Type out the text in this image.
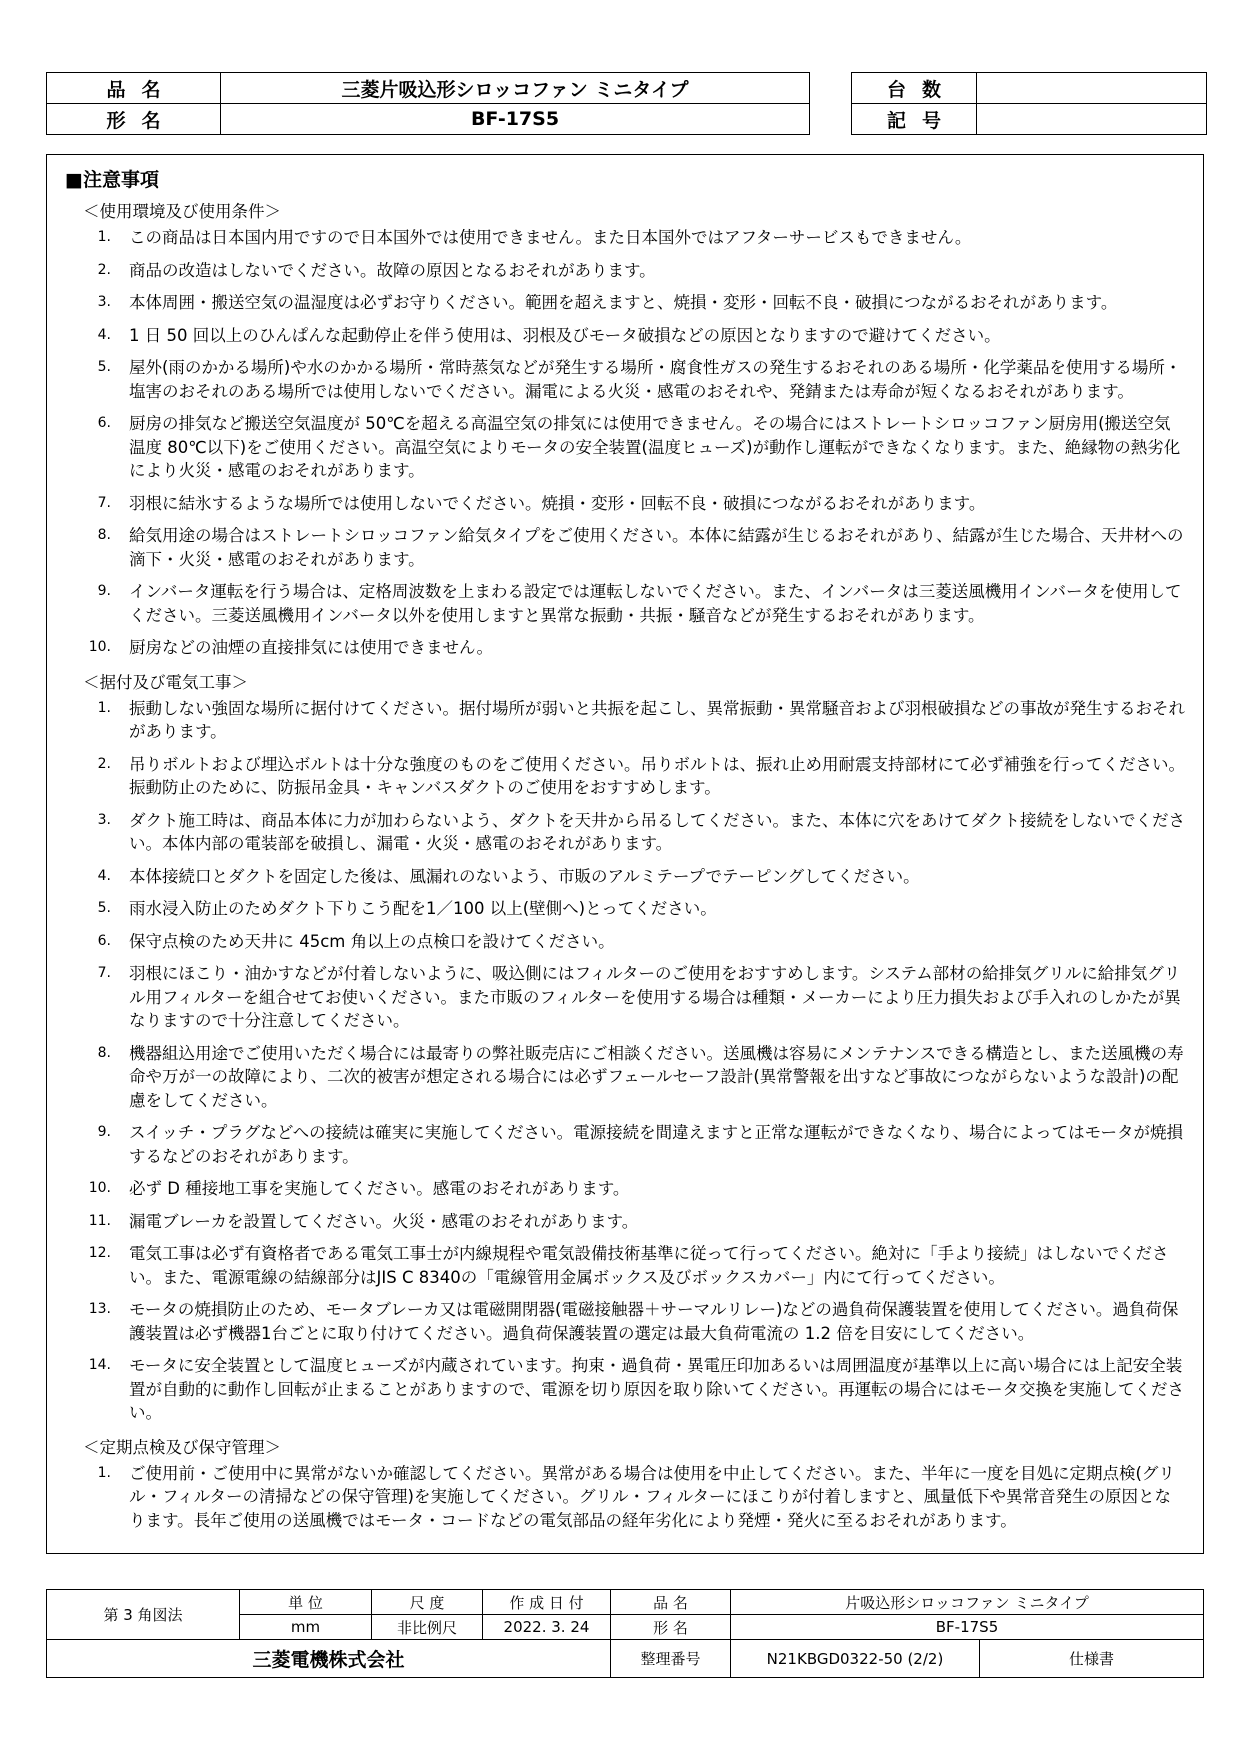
品名	三菱片吸込形シロッコファン ミニタイプ
形名	BF-17S5
台数	
記号	
■注意事項
＜使用環境及び使用条件＞
1.	この商品は日本国内用ですので日本国外では使用できません。また日本国外ではアフターサービスもできません。
2.	商品の改造はしないでください。故障の原因となるおそれがあります。
3.	本体周囲・搬送空気の温湿度は必ずお守りください。範囲を超えますと、焼損・変形・回転不良・破損につながるおそれがあります。
4.	1 日 50 回以上のひんぱんな起動停止を伴う使用は、羽根及びモータ破損などの原因となりますので避けてください。
5.	屋外(雨のかかる場所)や水のかかる場所・常時蒸気などが発生する場所・腐食性ガスの発生するおそれのある場所・化学薬品を使用する場所・塩害のおそれのある場所では使用しないでください。漏電による火災・感電のおそれや、発錆または寿命が短くなるおそれがあります。
6.	厨房の排気など搬送空気温度が 50℃を超える高温空気の排気には使用できません。その場合にはストレートシロッコファン厨房用(搬送空気温度 80℃以下)をご使用ください。高温空気によりモータの安全装置(温度ヒューズ)が動作し運転ができなくなります。また、絶縁物の熱劣化により火災・感電のおそれがあります。
7.	羽根に結氷するような場所では使用しないでください。焼損・変形・回転不良・破損につながるおそれがあります。
8.	給気用途の場合はストレートシロッコファン給気タイプをご使用ください。本体に結露が生じるおそれがあり、結露が生じた場合、天井材への滴下・火災・感電のおそれがあります。
9.	インバータ運転を行う場合は、定格周波数を上まわる設定では運転しないでください。また、インバータは三菱送風機用インバータを使用してください。三菱送風機用インバータ以外を使用しますと異常な振動・共振・騒音などが発生するおそれがあります。
10.	厨房などの油煙の直接排気には使用できません。
＜据付及び電気工事＞
1.	振動しない強固な場所に据付けてください。据付場所が弱いと共振を起こし、異常振動・異常騒音および羽根破損などの事故が発生するおそれがあります。
2.	吊りボルトおよび埋込ボルトは十分な強度のものをご使用ください。吊りボルトは、振れ止め用耐震支持部材にて必ず補強を行ってください。
振動防止のために、防振吊金具・キャンバスダクトのご使用をおすすめします。
3.	ダクト施工時は、商品本体に力が加わらないよう、ダクトを天井から吊るしてください。また、本体に穴をあけてダクト接続をしないでください。本体内部の電装部を破損し、漏電・火災・感電のおそれがあります。
4.	本体接続口とダクトを固定した後は、風漏れのないよう、市販のアルミテープでテーピングしてください。
5.	雨水浸入防止のためダクト下りこう配を1／100 以上(壁側へ)とってください。
6.	保守点検のため天井に 45cm 角以上の点検口を設けてください。
7.	羽根にほこり・油かすなどが付着しないように、吸込側にはフィルターのご使用をおすすめします。システム部材の給排気グリルに給排気グリル用フィルターを組合せてお使いください。また市販のフィルターを使用する場合は種類・メーカーにより圧力損失および手入れのしかたが異なりますので十分注意してください。
8.	機器組込用途でご使用いただく場合には最寄りの弊社販売店にご相談ください。送風機は容易にメンテナンスできる構造とし、また送風機の寿命や万が一の故障により、二次的被害が想定される場合には必ずフェールセーフ設計(異常警報を出すなど事故につながらないような設計)の配慮をしてください。
9.	スイッチ・プラグなどへの接続は確実に実施してください。電源接続を間違えますと正常な運転ができなくなり、場合によってはモータが焼損するなどのおそれがあります。
10.	必ず D 種接地工事を実施してください。感電のおそれがあります。
11.	漏電ブレーカを設置してください。火災・感電のおそれがあります。
12.	電気工事は必ず有資格者である電気工事士が内線規程や電気設備技術基準に従って行ってください。絶対に「手より接続」はしないでください。また、電源電線の結線部分はJIS C 8340の「電線管用金属ボックス及びボックスカバー」内にて行ってください。
13.	モータの焼損防止のため、モータブレーカ又は電磁開閉器(電磁接触器＋サーマルリレー)などの過負荷保護装置を使用してください。過負荷保護装置は必ず機器1台ごとに取り付けてください。過負荷保護装置の選定は最大負荷電流の 1.2 倍を目安にしてください。
14.	モータに安全装置として温度ヒューズが内蔵されています。拘束・過負荷・異電圧印加あるいは周囲温度が基準以上に高い場合には上記安全装置が自動的に動作し回転が止まることがありますので、電源を切り原因を取り除いてください。再運転の場合にはモータ交換を実施してください。
＜定期点検及び保守管理＞
1.	ご使用前・ご使用中に異常がないか確認してください。異常がある場合は使用を中止してください。また、半年に一度を目処に定期点検(グリル・フィルターの清掃などの保守管理)を実施してください。グリル・フィルターにほこりが付着しますと、風量低下や異常音発生の原因となります。長年ご使用の送風機ではモータ・コードなどの電気部品の経年劣化により発煙・発火に至るおそれがあります。
第 3 角図法	単 位	尺 度	作 成 日 付	品 名	片吸込形シロッコファン ミニタイプ	
	mm	非比例尺	2022. 3. 24	形 名	BF-17S5	
三菱電機株式会社				整理番号	N21KBGD0322-50 (2/2)	仕様書
